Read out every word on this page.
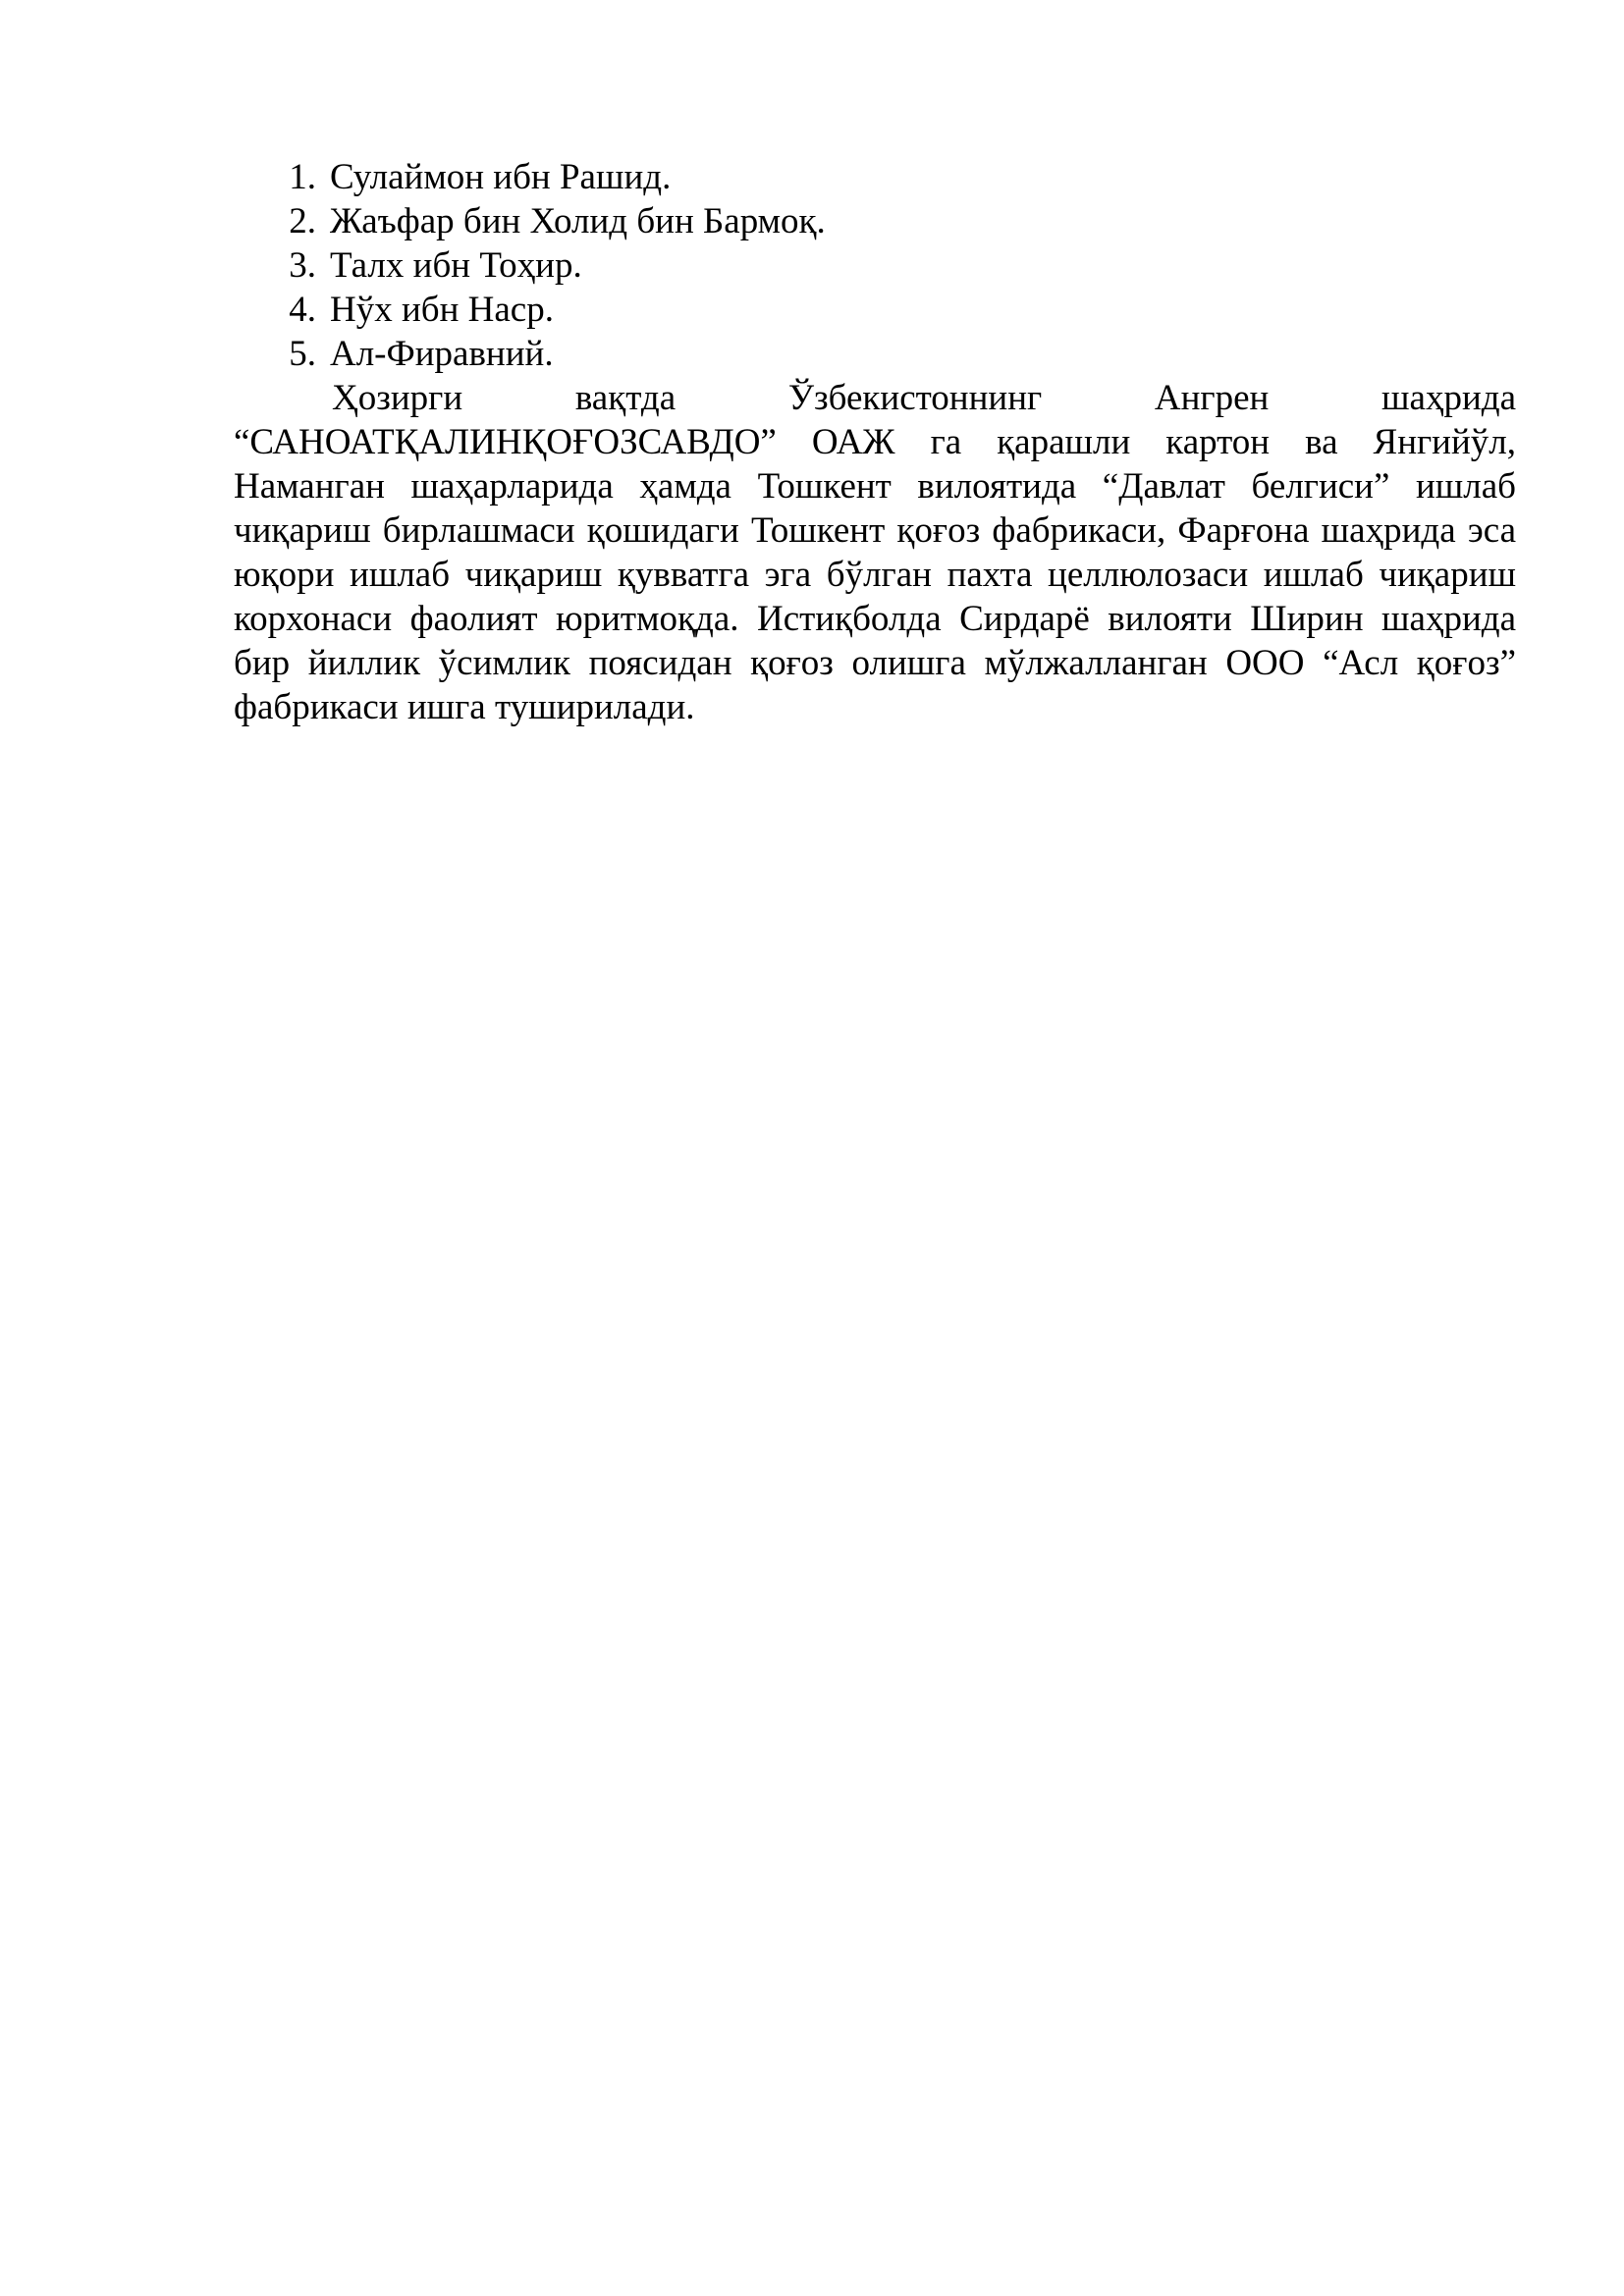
1. Сулаймон ибн Рашид.
2. Жаъфар бин Холид бин Бармоқ.
3. Талх ибн Тоҳир.
4. Нўх ибн Наср.
5. Ал-Фиравний.

Ҳозирги вақтда Ўзбекистоннинг Ангрен шаҳрида “САНОАТҚАЛИНҚОҒОЗСАВДО” ОАЖ га қарашли картон ва Янгийўл, Наманган шаҳарларида ҳамда Тошкент вилоятида “Давлат белгиси” ишлаб чиқариш бирлашмаси қошидаги Тошкент қоғоз фабрикаси, Фарғона шаҳрида эса юқори ишлаб чиқариш қувватга эга бўлган пахта целлюлозаси ишлаб чиқариш корхонаси фаолият юритмоқда. Истиқболда Сирдарё вилояти Ширин шаҳрида бир йиллик ўсимлик поясидан қоғоз олишга мўлжалланган ООО “Асл қоғоз” фабрикаси ишга туширилади.
